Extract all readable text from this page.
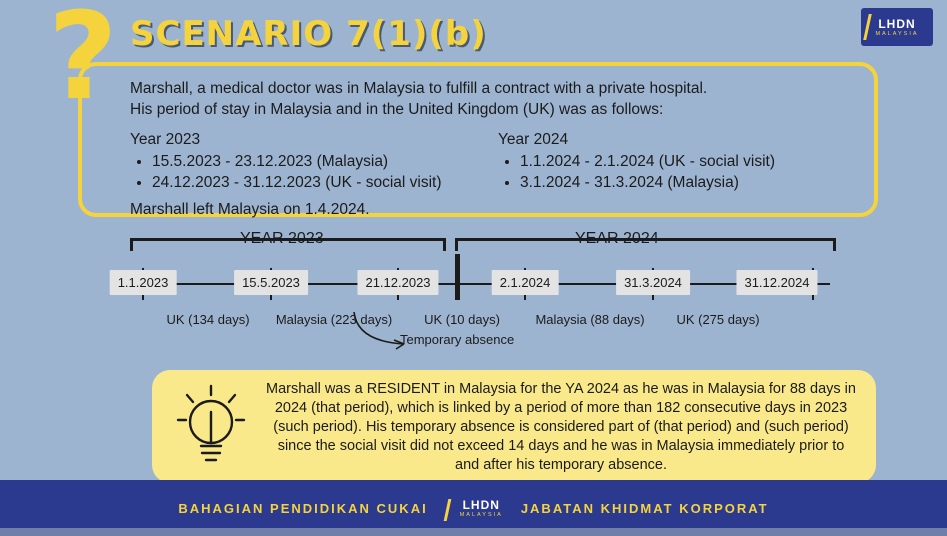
? SCENARIO 7(1)(b)	LHDN
MALAYSIA
Marshall, a medical doctor was in Malaysia to fulfill a contract with a private hospital.
His period of stay in Malaysia and in the United Kingdom (UK) was as follows:
Year 2023
• 15.5.2023 - 23.12.2023 (Malaysia)
• 24.12.2023 - 31.12.2023 (UK - social visit)
Marshall left Malaysia on 1.4.2024.
Year 2024
• 1.1.2024 - 2.1.2024 (UK - social visit)
• 3.1.2024 - 31.3.2024 (Malaysia)
YEAR 2023	YEAR 2024
1.1.2023	15.5.2023	21.12.2023	2.1.2024	31.3.2024	31.12.2024
UK (134 days) Malaysia (223 days) UK (10 days)	Malaysia (88 days) UK (275 days)
Temporary absence

Marshall was a RESIDENT in Malaysia for the YA 2024 as he was in Malaysia for 88 days in 2024 (that period), which is linked by a period of more than 182 consecutive days in 2023 (such period). His temporary absence is considered part of (that period) and (such period) since the social visit did not exceed 14 days and he was in Malaysia immediately prior to and after his temporary absence.

BAHAGIAN PENDIDIKAN CUKAI	LHDN
MALAYSIA JABATAN KHIDMAT KORPORAT
